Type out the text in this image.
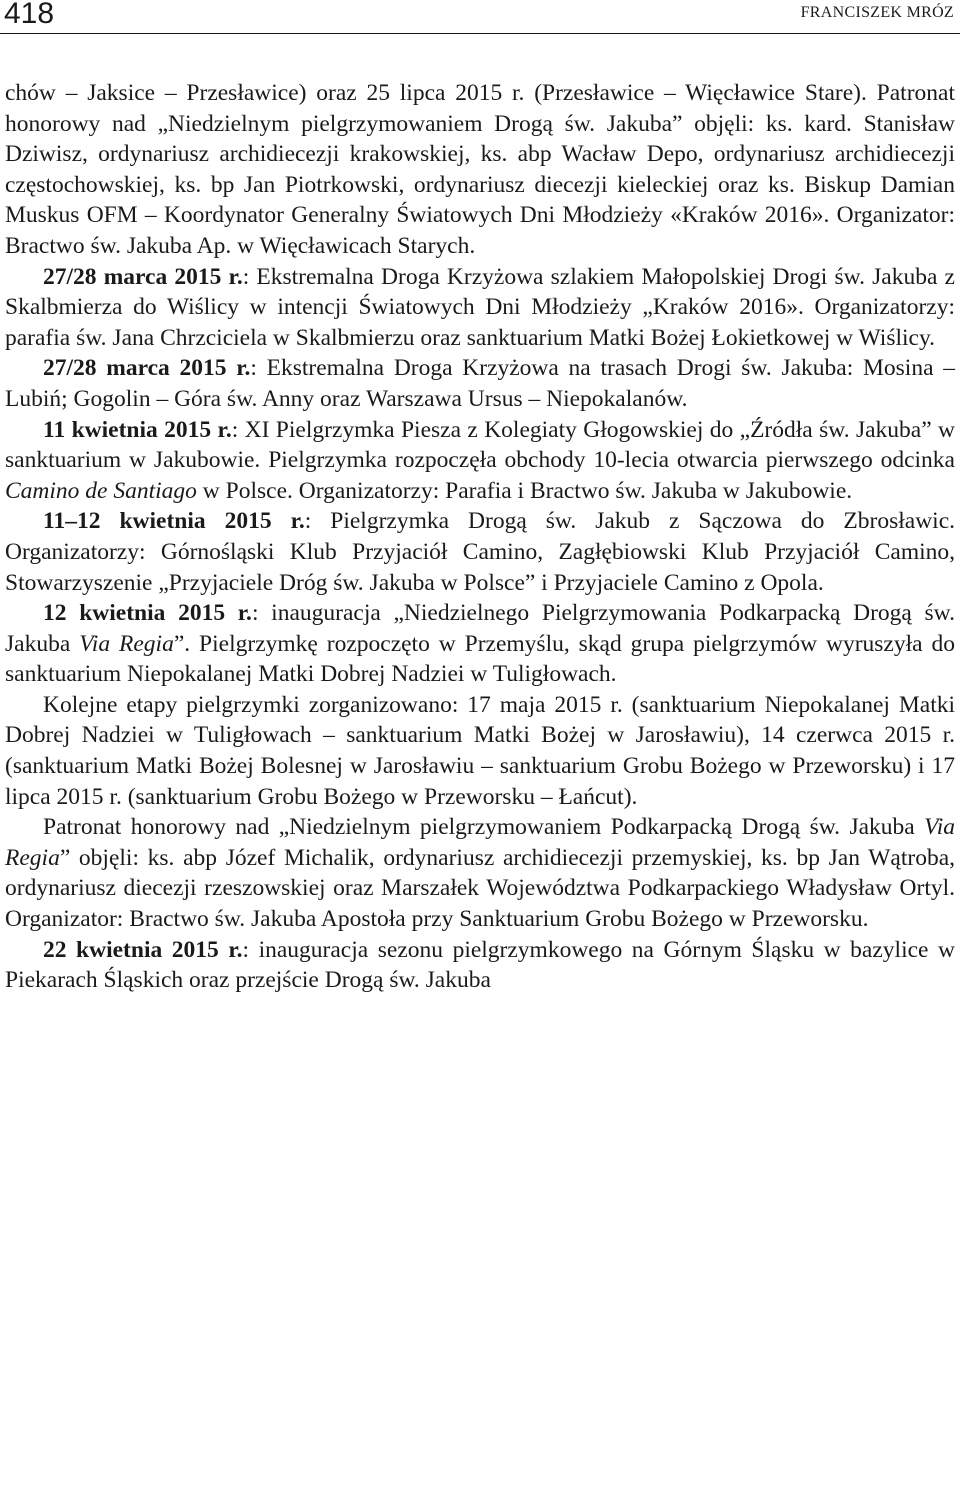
418	FRANCISZEK MRÓZ

chów – Jaksice – Przesławice) oraz 25 lipca 2015 r. (Przesławice – Więcławice Stare). Patronat honorowy nad „Niedzielnym pielgrzymowaniem Drogą św. Jakuba” objęli: ks. kard. Stanisław Dziwisz, ordynariusz archidiecezji krakowskiej, ks. abp Wacław Depo, ordynariusz archidiecezji częstochowskiej, ks. bp Jan Piotrkowski, ordynariusz diecezji kieleckiej oraz ks. Biskup Damian Muskus OFM – Koordynator Generalny Światowych Dni Młodzieży «Kraków 2016». Organizator: Bractwo św. Jakuba Ap. w Więcławicach Starych.

27/28 marca 2015 r.: Ekstremalna Droga Krzyżowa szlakiem Małopolskiej Drogi św. Jakuba z Skalbmierza do Wiślicy w intencji Światowych Dni Młodzieży „Kraków 2016». Organizatorzy: parafia św. Jana Chrzciciela w Skalbmierzu oraz sanktuarium Matki Bożej Łokietkowej w Wiślicy.

27/28 marca 2015 r.: Ekstremalna Droga Krzyżowa na trasach Drogi św. Jakuba: Mosina – Lubiń; Gogolin – Góra św. Anny oraz Warszawa Ursus – Niepokalanów.

11 kwietnia 2015 r.: XI Pielgrzymka Piesza z Kolegiaty Głogowskiej do „Źródła św. Jakuba” w sanktuarium w Jakubowie. Pielgrzymka rozpoczęła obchody 10-lecia otwarcia pierwszego odcinka Camino de Santiago w Polsce. Organizatorzy: Parafia i Bractwo św. Jakuba w Jakubowie.

11–12 kwietnia 2015 r.: Pielgrzymka Drogą św. Jakub z Sączowa do Zbrosławic. Organizatorzy: Górnośląski Klub Przyjaciół Camino, Zagłębiowski Klub Przyjaciół Camino, Stowarzyszenie „Przyjaciele Dróg św. Jakuba w Polsce” i Przyjaciele Camino z Opola.

12 kwietnia 2015 r.: inauguracja „Niedzielnego Pielgrzymowania Podkarpacką Drogą św. Jakuba Via Regia”. Pielgrzymkę rozpoczęto w Przemyślu, skąd grupa pielgrzymów wyruszyła do sanktuarium Niepokalanej Matki Dobrej Nadziei w Tuligłowach.

Kolejne etapy pielgrzymki zorganizowano: 17 maja 2015 r. (sanktuarium Niepokalanej Matki Dobrej Nadziei w Tuligłowach – sanktuarium Matki Bożej w Jarosławiu), 14 czerwca 2015 r. (sanktuarium Matki Bożej Bolesnej w Jarosławiu – sanktuarium Grobu Bożego w Przeworsku) i 17 lipca 2015 r. (sanktuarium Grobu Bożego w Przeworsku – Łańcut).

Patronat honorowy nad „Niedzielnym pielgrzymowaniem Podkarpacką Drogą św. Jakuba Via Regia” objęli: ks. abp Józef Michalik, ordynariusz archidiecezji przemyskiej, ks. bp Jan Wątroba, ordynariusz diecezji rzeszowskiej oraz Marszałek Województwa Podkarpackiego Władysław Ortyl. Organizator: Bractwo św. Jakuba Apostoła przy Sanktuarium Grobu Bożego w Przeworsku.

22 kwietnia 2015 r.: inauguracja sezonu pielgrzymkowego na Górnym Śląsku w bazylice w Piekarach Śląskich oraz przejście Drogą św. Jakuba
